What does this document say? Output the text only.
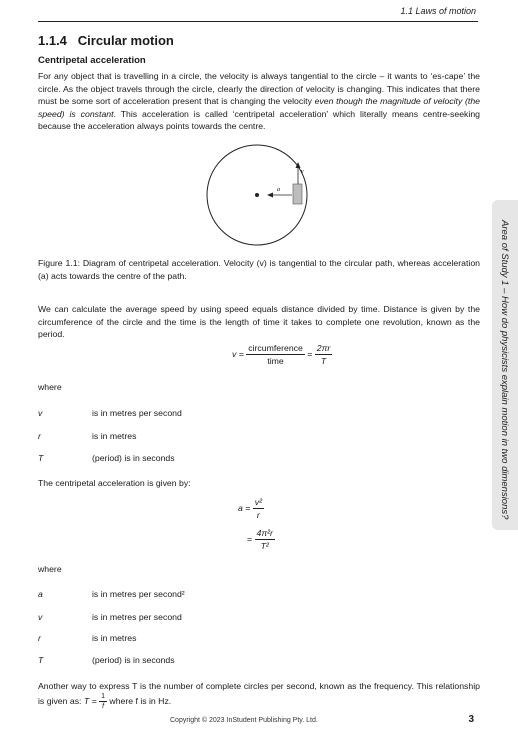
1.1 Laws of motion
1.1.4 Circular motion
Centripetal acceleration

For any object that is travelling in a circle, the velocity is always tangential to the circle – it wants to ‘es-cape’ the circle. As the object travels through the circle, clearly the direction of velocity is changing. This indicates that there must be some sort of acceleration present that is changing the velocity even though the magnitude of velocity (the speed) is constant. This acceleration is called ‘centripetal acceleration’ which literally means centre-seeking because the acceleration always points towards the centre.

a
v

Figure 1.1: Diagram of centripetal acceleration. Velocity (v) is tangential to the circular path, whereas acceleration (a) acts towards the centre of the path.

We can calculate the average speed by using speed equals distance divided by time. Distance is given by the circumference of the circle and the time is the length of time it takes to complete one revolution, known as the period.

$v = \frac{\text{circumference}}{\text{time}} = \frac{2\pi r}{T}$
where
v	is in metres per second
r	is in metres
T	(period) is in seconds
The centripetal acceleration is given by:
$a = \frac{\text{v²}}{r}$
= $\frac{\text{4π²r}}{\text{T²}}$
where
a	is in metres per second²
v	is in metres per second
r	is in metres
T	(period) is in seconds

Another way to express T is the number of complete circles per second, known as the frequency. This relationship is given as: $T = \frac{1}{f}$ where f is in Hz.

Copyright © 2023 InStudent Publishing Pty. Ltd.	3
Area of Study 1 – How do physicists explain motion in two dimensions?
